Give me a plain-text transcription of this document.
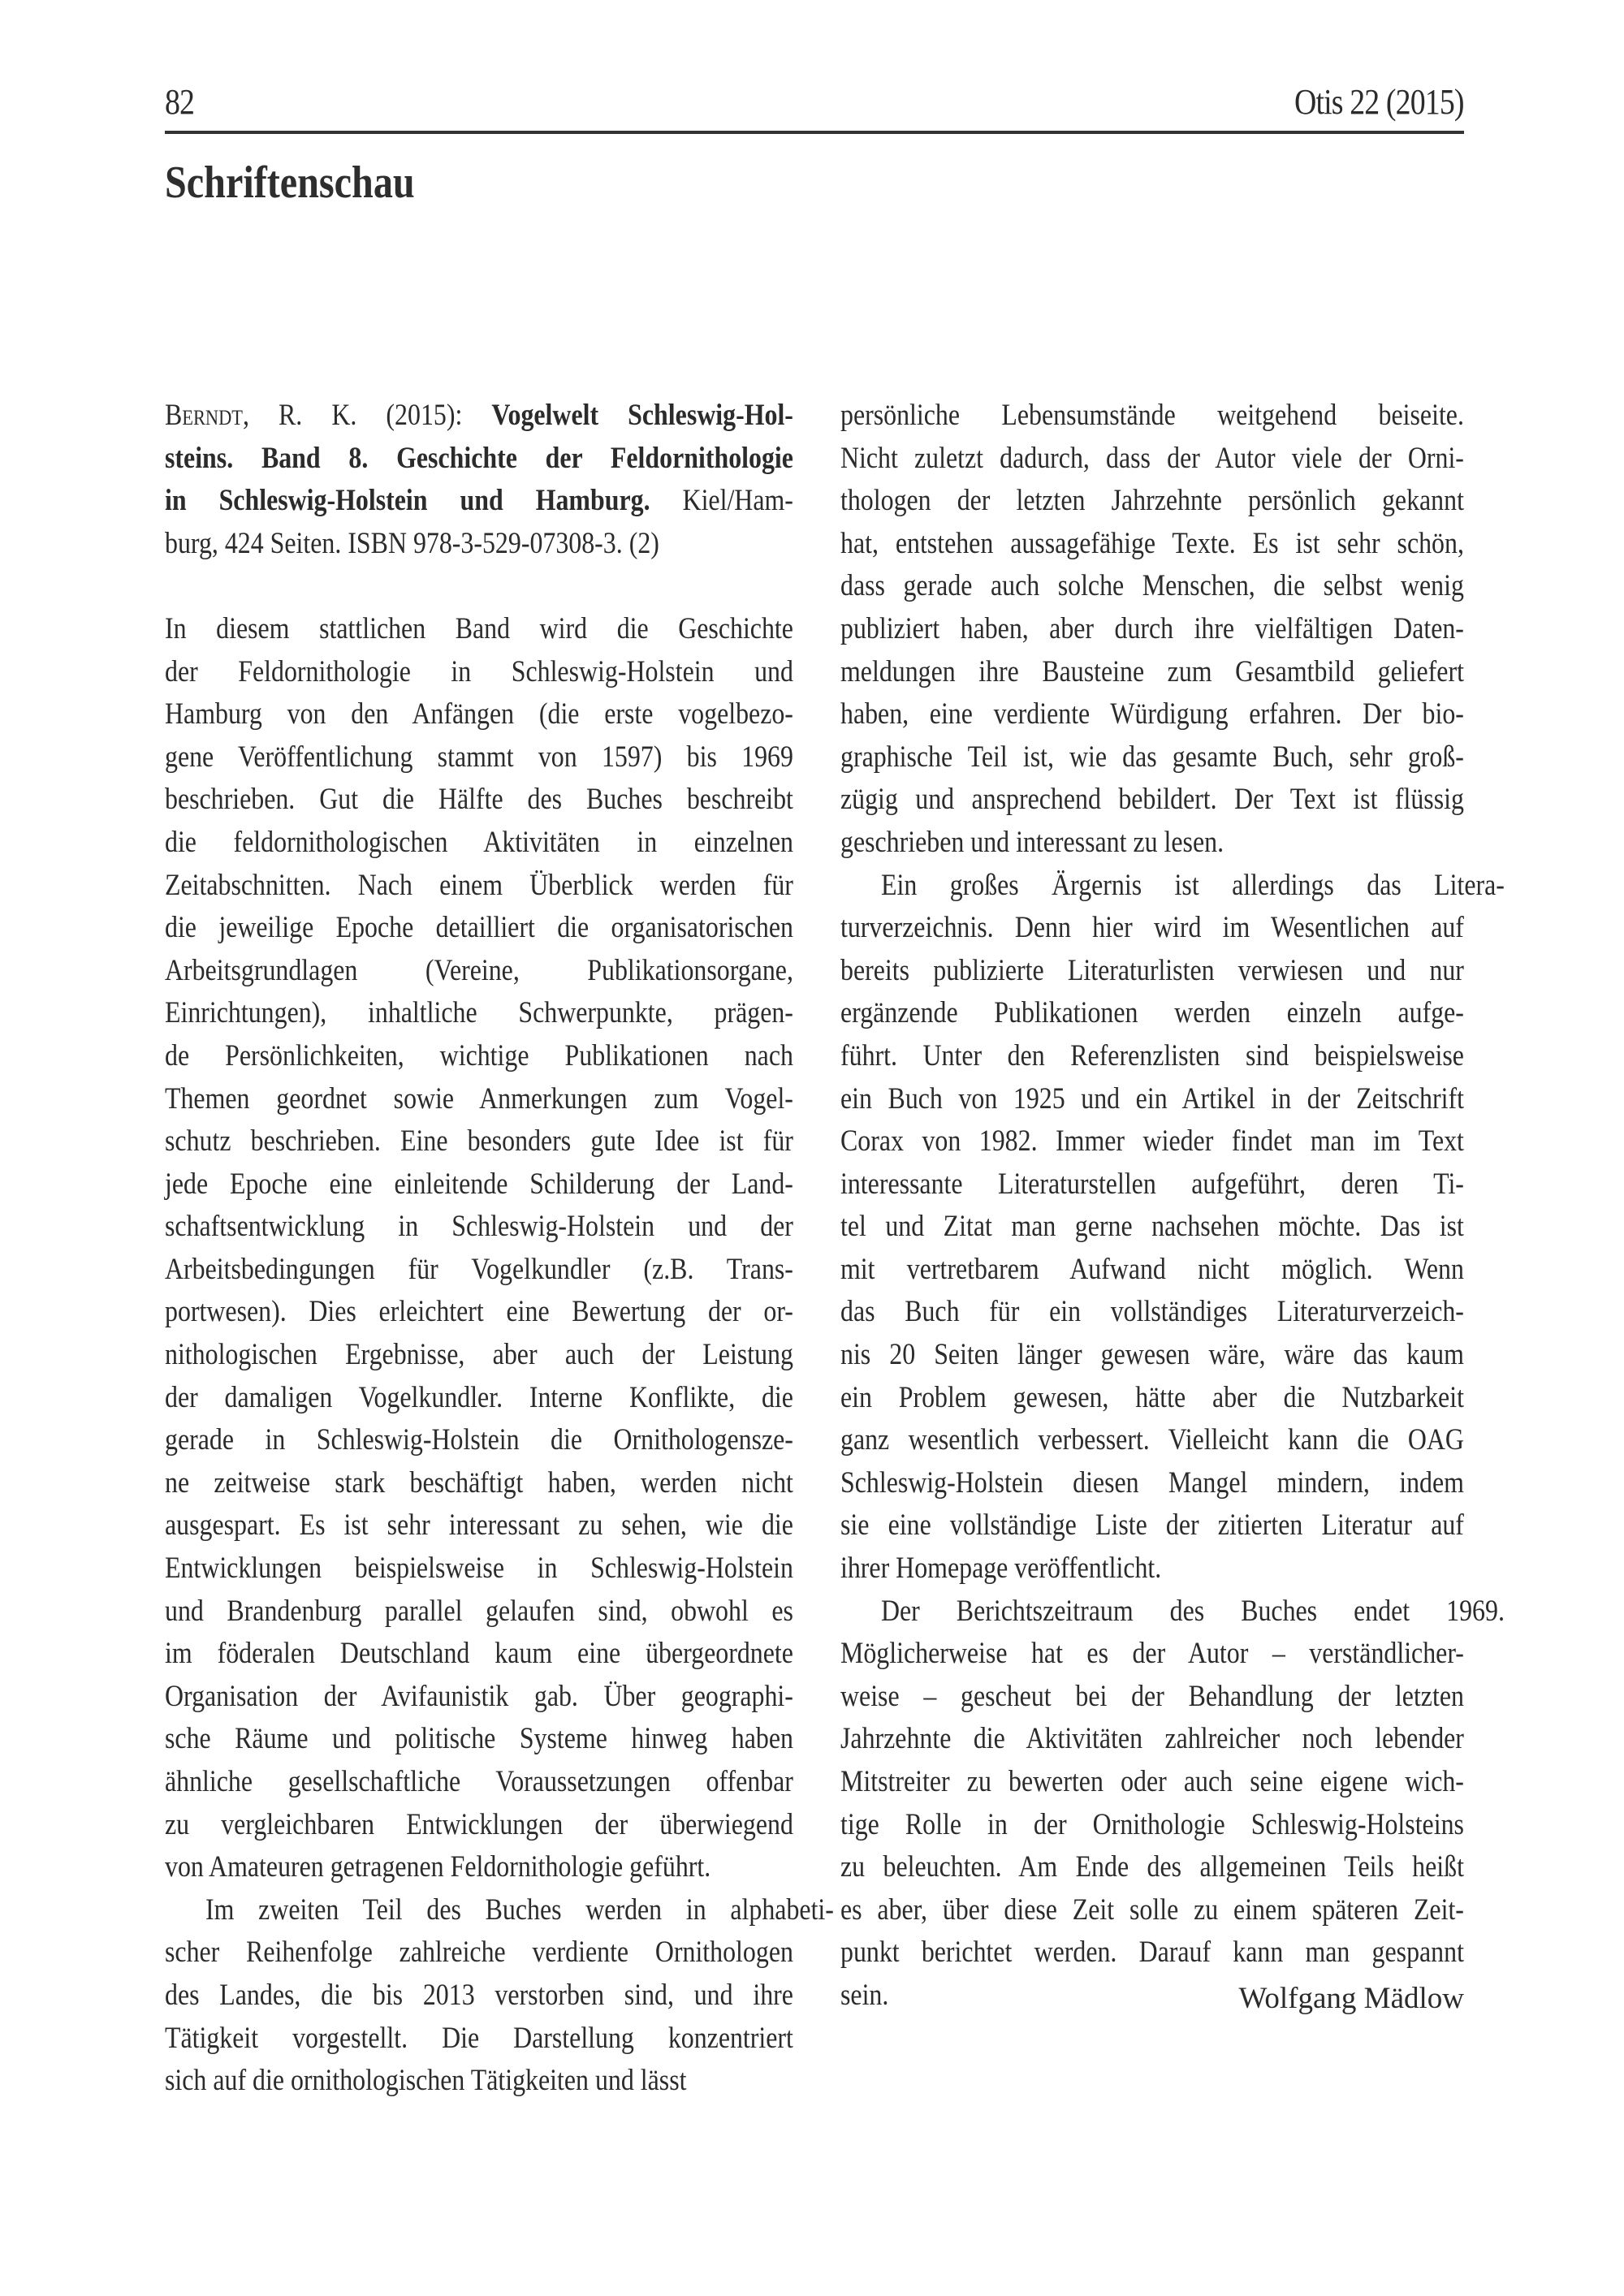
82	Otis 22 (2015)
Schriftenschau
Berndt, R. K. (2015): Vogelwelt Schleswig-Hol-
steins. Band 8. Geschichte der Feldornithologie
in Schleswig-Holstein und Hamburg. Kiel/Ham-
burg, 424 Seiten. ISBN 978-3-529-07308-3. (2)
In diesem stattlichen Band wird die Geschichte
der Feldornithologie in Schleswig-Holstein und
Hamburg von den Anfängen (die erste vogelbezo-
gene Veröffentlichung stammt von 1597) bis 1969
beschrieben. Gut die Hälfte des Buches beschreibt
die feldornithologischen Aktivitäten in einzelnen
Zeitabschnitten. Nach einem Überblick werden für
die jeweilige Epoche detailliert die organisatorischen
Arbeitsgrundlagen (Vereine, Publikationsorgane,
Einrichtungen), inhaltliche Schwerpunkte, prägen-
de Persönlichkeiten, wichtige Publikationen nach
Themen geordnet sowie Anmerkungen zum Vogel-
schutz beschrieben. Eine besonders gute Idee ist für
jede Epoche eine einleitende Schilderung der Land-
schaftsentwicklung in Schleswig-Holstein und der
Arbeitsbedingungen für Vogelkundler (z.B. Trans-
portwesen). Dies erleichtert eine Bewertung der or-
nithologischen Ergebnisse, aber auch der Leistung
der damaligen Vogelkundler. Interne Konflikte, die
gerade in Schleswig-Holstein die Ornithologensze-
ne zeitweise stark beschäftigt haben, werden nicht
ausgespart. Es ist sehr interessant zu sehen, wie die
Entwicklungen beispielsweise in Schleswig-Holstein
und Brandenburg parallel gelaufen sind, obwohl es
im föderalen Deutschland kaum eine übergeordnete
Organisation der Avifaunistik gab. Über geographi-
sche Räume und politische Systeme hinweg haben
ähnliche gesellschaftliche Voraussetzungen offenbar
zu vergleichbaren Entwicklungen der überwiegend
von Amateuren getragenen Feldornithologie geführt.
Im zweiten Teil des Buches werden in alphabeti-
scher Reihenfolge zahlreiche verdiente Ornithologen
des Landes, die bis 2013 verstorben sind, und ihre
Tätigkeit vorgestellt. Die Darstellung konzentriert
sich auf die ornithologischen Tätigkeiten und lässt
persönliche Lebensumstände weitgehend beiseite.
Nicht zuletzt dadurch, dass der Autor viele der Orni-
thologen der letzten Jahrzehnte persönlich gekannt
hat, entstehen aussagefähige Texte. Es ist sehr schön,
dass gerade auch solche Menschen, die selbst wenig
publiziert haben, aber durch ihre vielfältigen Daten-
meldungen ihre Bausteine zum Gesamtbild geliefert
haben, eine verdiente Würdigung erfahren. Der bio-
graphische Teil ist, wie das gesamte Buch, sehr groß-
zügig und ansprechend bebildert. Der Text ist flüssig
geschrieben und interessant zu lesen.
Ein großes Ärgernis ist allerdings das Litera-
turverzeichnis. Denn hier wird im Wesentlichen auf
bereits publizierte Literaturlisten verwiesen und nur
ergänzende Publikationen werden einzeln aufge-
führt. Unter den Referenzlisten sind beispielsweise
ein Buch von 1925 und ein Artikel in der Zeitschrift
Corax von 1982. Immer wieder findet man im Text
interessante Literaturstellen aufgeführt, deren Ti-
tel und Zitat man gerne nachsehen möchte. Das ist
mit vertretbarem Aufwand nicht möglich. Wenn
das Buch für ein vollständiges Literaturverzeich-
nis 20 Seiten länger gewesen wäre, wäre das kaum
ein Problem gewesen, hätte aber die Nutzbarkeit
ganz wesentlich verbessert. Vielleicht kann die OAG
Schleswig-Holstein diesen Mangel mindern, indem
sie eine vollständige Liste der zitierten Literatur auf
ihrer Homepage veröffentlicht.
Der Berichtszeitraum des Buches endet 1969.
Möglicherweise hat es der Autor – verständlicher-
weise – gescheut bei der Behandlung der letzten
Jahrzehnte die Aktivitäten zahlreicher noch lebender
Mitstreiter zu bewerten oder auch seine eigene wich-
tige Rolle in der Ornithologie Schleswig-Holsteins
zu beleuchten. Am Ende des allgemeinen Teils heißt
es aber, über diese Zeit solle zu einem späteren Zeit-
punkt berichtet werden. Darauf kann man gespannt
sein.	Wolfgang Mädlow
